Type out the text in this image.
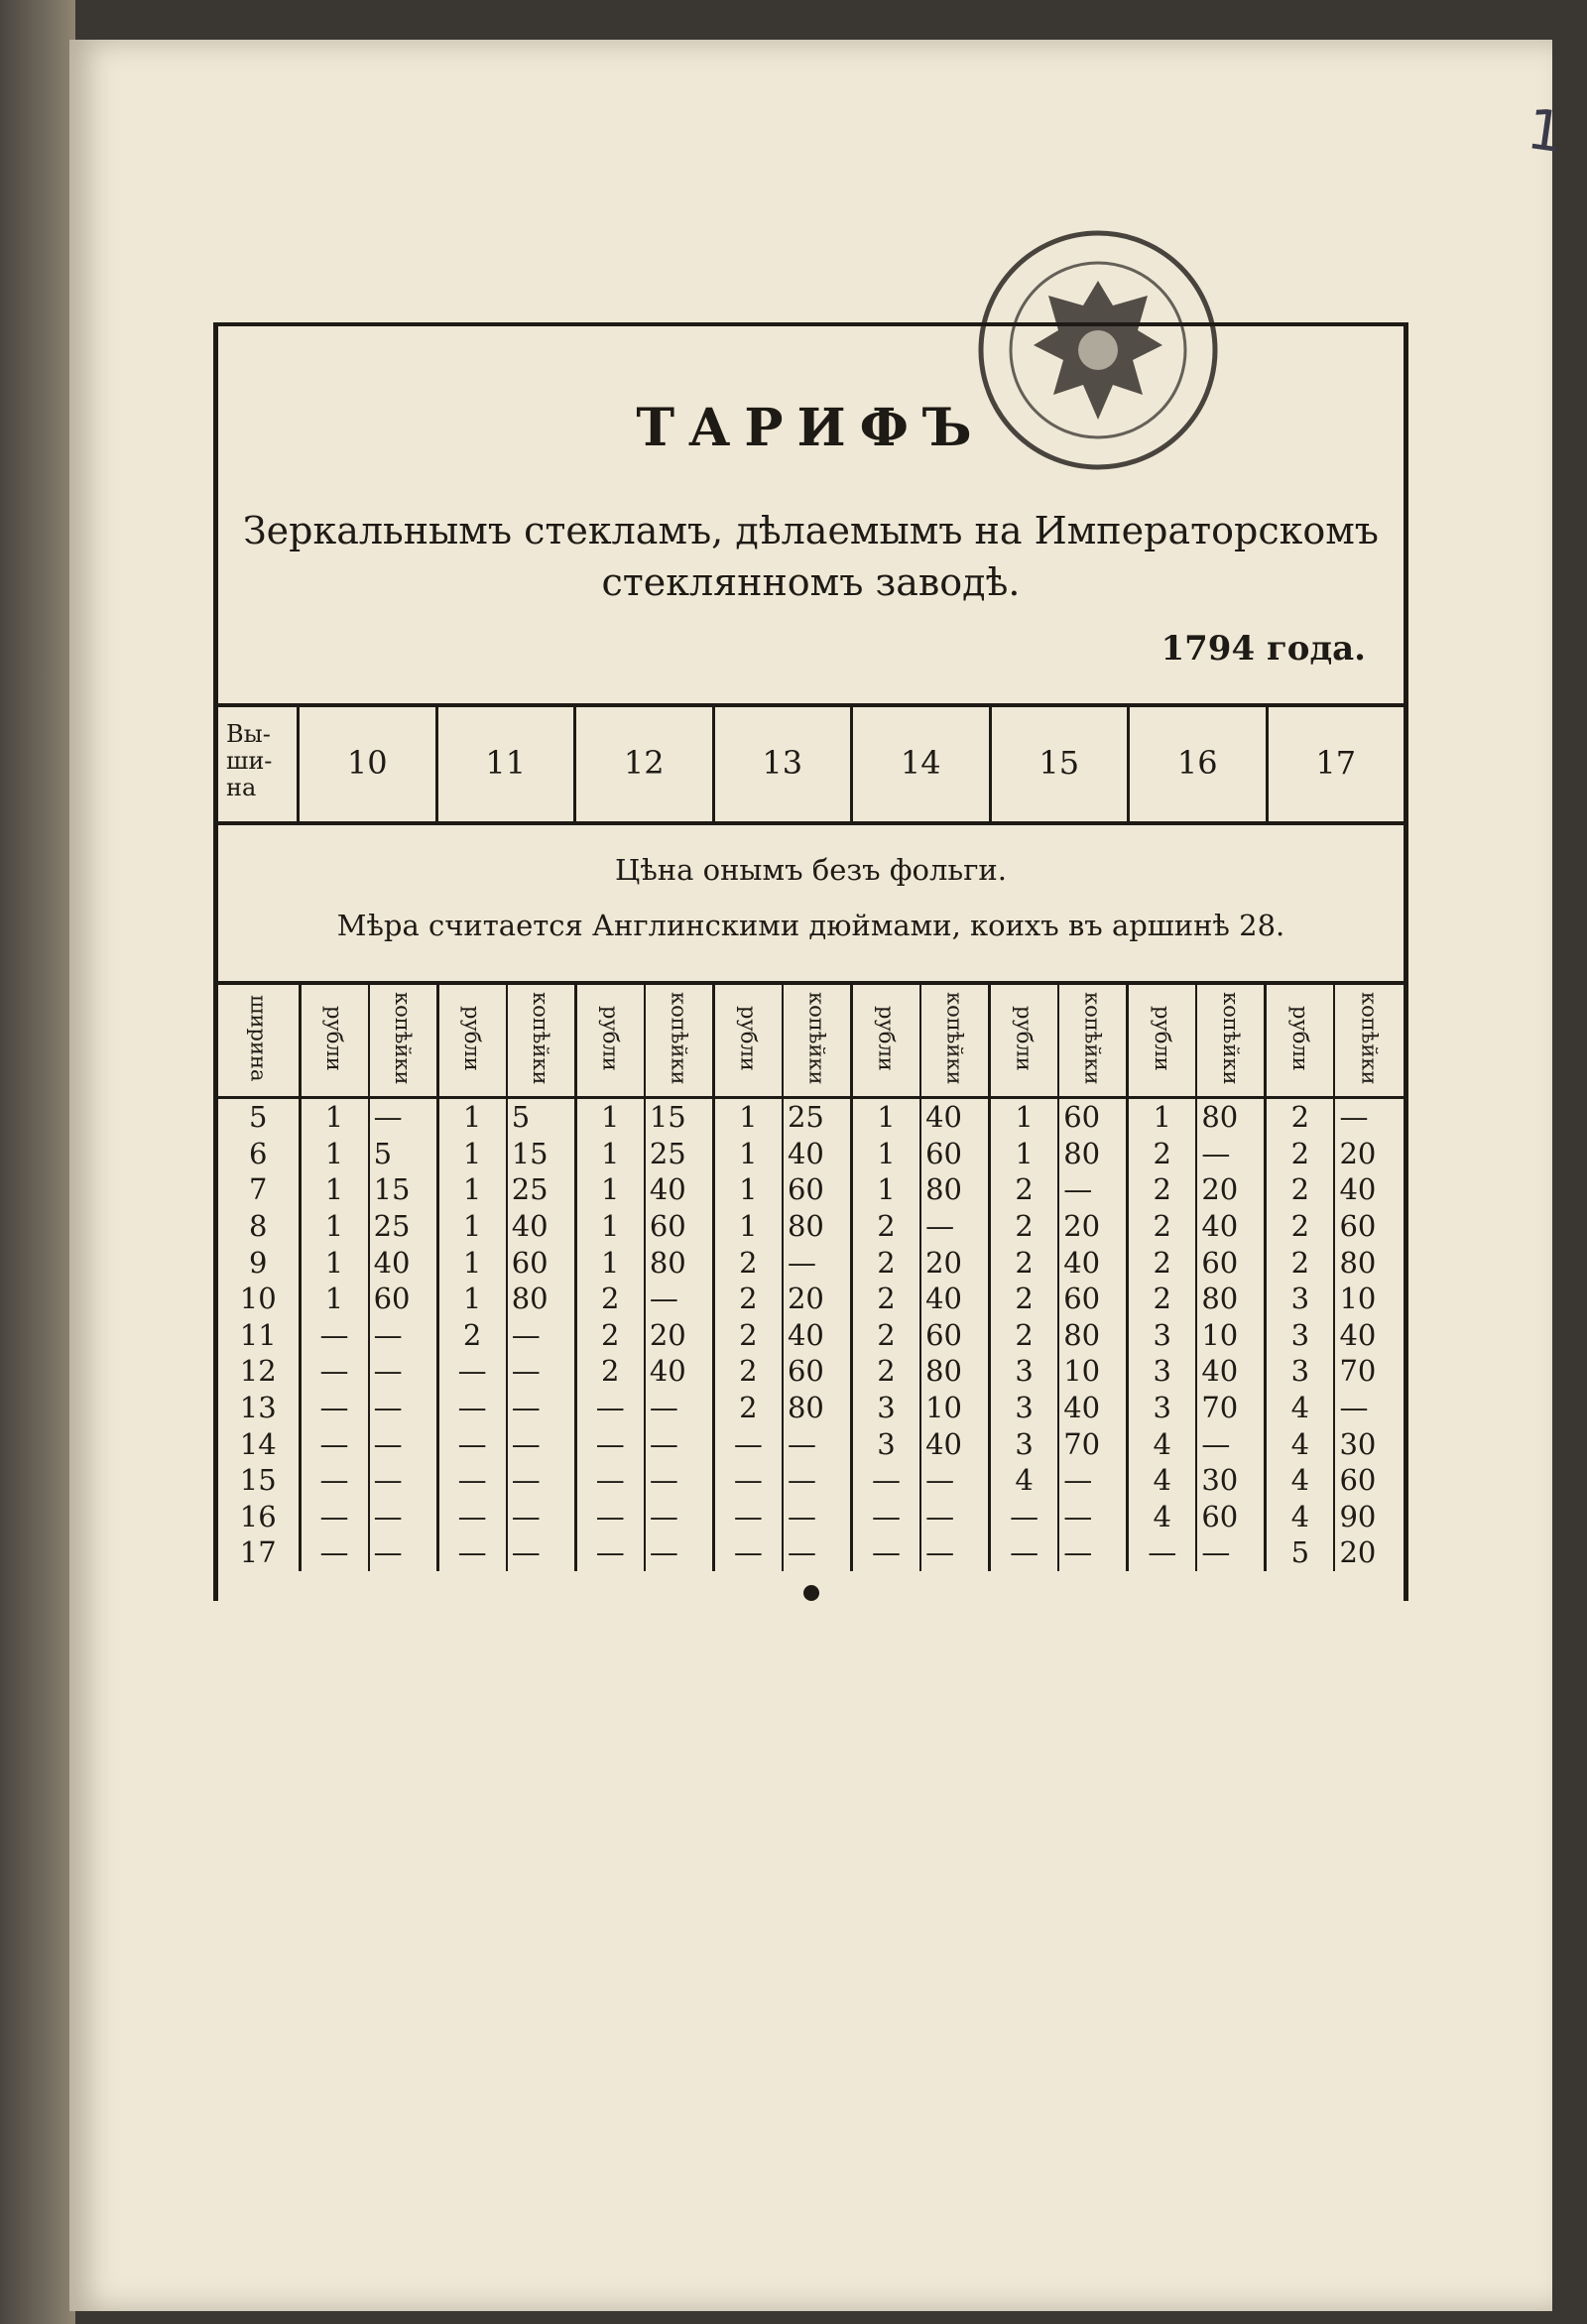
1
ТАРИФЪ
Зеркальнымъ стекламъ, дѣлаемымъ на Императорскомъ стеклянномъ заводѣ.
1794 года.
Вы-ши-на
10	11	12	13	14	15	16	17
Цѣна онымъ безъ фольги.
Мѣра считается Англинскими дюймами, коихъ въ аршинѣ 28.
ширина	рубли	копѣйки	рубли	копѣйки	рубли	копѣйки	рубли	копѣйки	рубли	копѣйки	рубли	копѣйки	рубли	копѣйки	рубли	копѣйки
5	1	—	1	5	1	15	1	25	1	40	1	60	1	80	2	—
6	1	5	1	15	1	25	1	40	1	60	1	80	2	—	2	20
7	1	15	1	25	1	40	1	60	1	80	2	—	2	20	2	40
8	1	25	1	40	1	60	1	80	2	—	2	20	2	40	2	60
9	1	40	1	60	1	80	2	—	2	20	2	40	2	60	2	80
10	1	60	1	80	2	—	2	20	2	40	2	60	2	80	3	10
11	—	—	2	—	2	20	2	40	2	60	2	80	3	10	3	40
12	—	—	—	—	2	40	2	60	2	80	3	10	3	40	3	70
13	—	—	—	—	—	—	2	80	3	10	3	40	3	70	4	—
14	—	—	—	—	—	—	—	—	3	40	3	70	4	—	4	30
15	—	—	—	—	—	—	—	—	—	—	4	—	4	30	4	60
16	—	—	—	—	—	—	—	—	—	—	—	—	4	60	4	90
17	—	—	—	—	—	—	—	—	—	—	—	—	—	—	5	20
